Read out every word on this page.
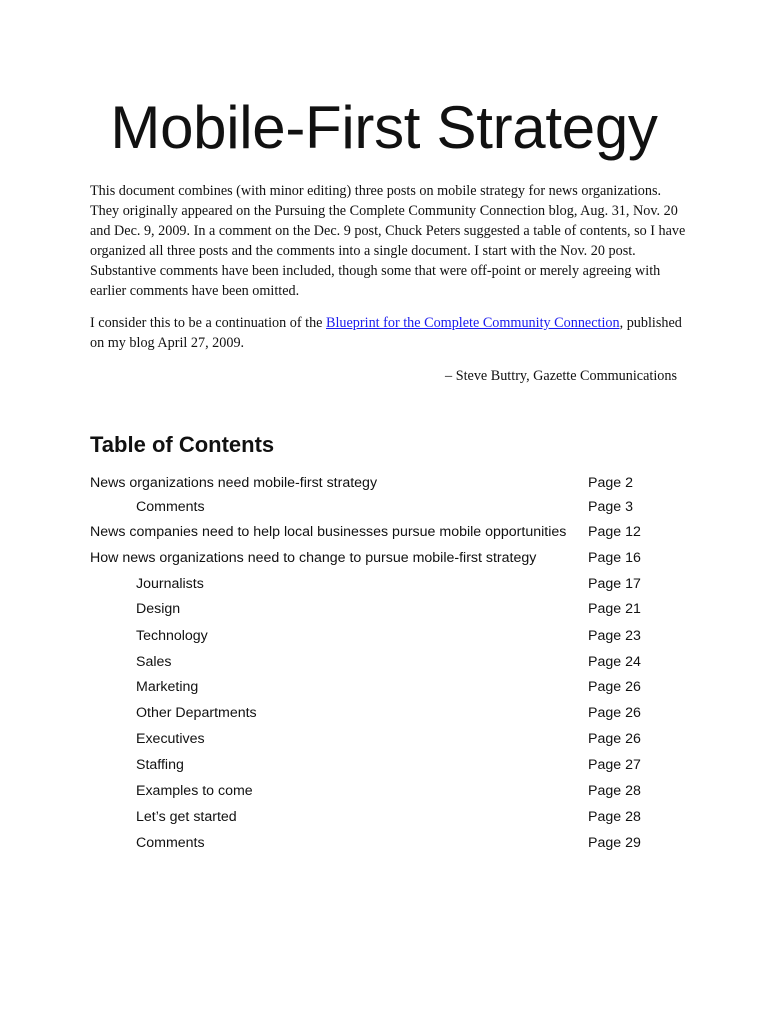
Mobile-First Strategy

This document combines (with minor editing) three posts on mobile strategy for news organizations. They originally appeared on the Pursuing the Complete Community Connection blog, Aug. 31, Nov. 20 and Dec. 9, 2009. In a comment on the Dec. 9 post, Chuck Peters suggested a table of contents, so I have organized all three posts and the comments into a single document. I start with the Nov. 20 post. Substantive comments have been included, though some that were off-point or merely agreeing with earlier comments have been omitted.

I consider this to be a continuation of the Blueprint for the Complete Community Connection, published on my blog April 27, 2009.

– Steve Buttry, Gazette Communications

Table of Contents
News organizations need mobile-first strategy	Page 2
Comments	Page 3
News companies need to help local businesses pursue mobile opportunities Page 12
How news organizations need to change to pursue mobile-first strategy	Page 16
Journalists	Page 17
Design	Page 21
Technology	Page 23
Sales	Page 24
Marketing	Page 26
Other Departments	Page 26
Executives	Page 26
Staffing	Page 27
Examples to come	Page 28
Let’s get started	Page 28
Comments	Page 29
